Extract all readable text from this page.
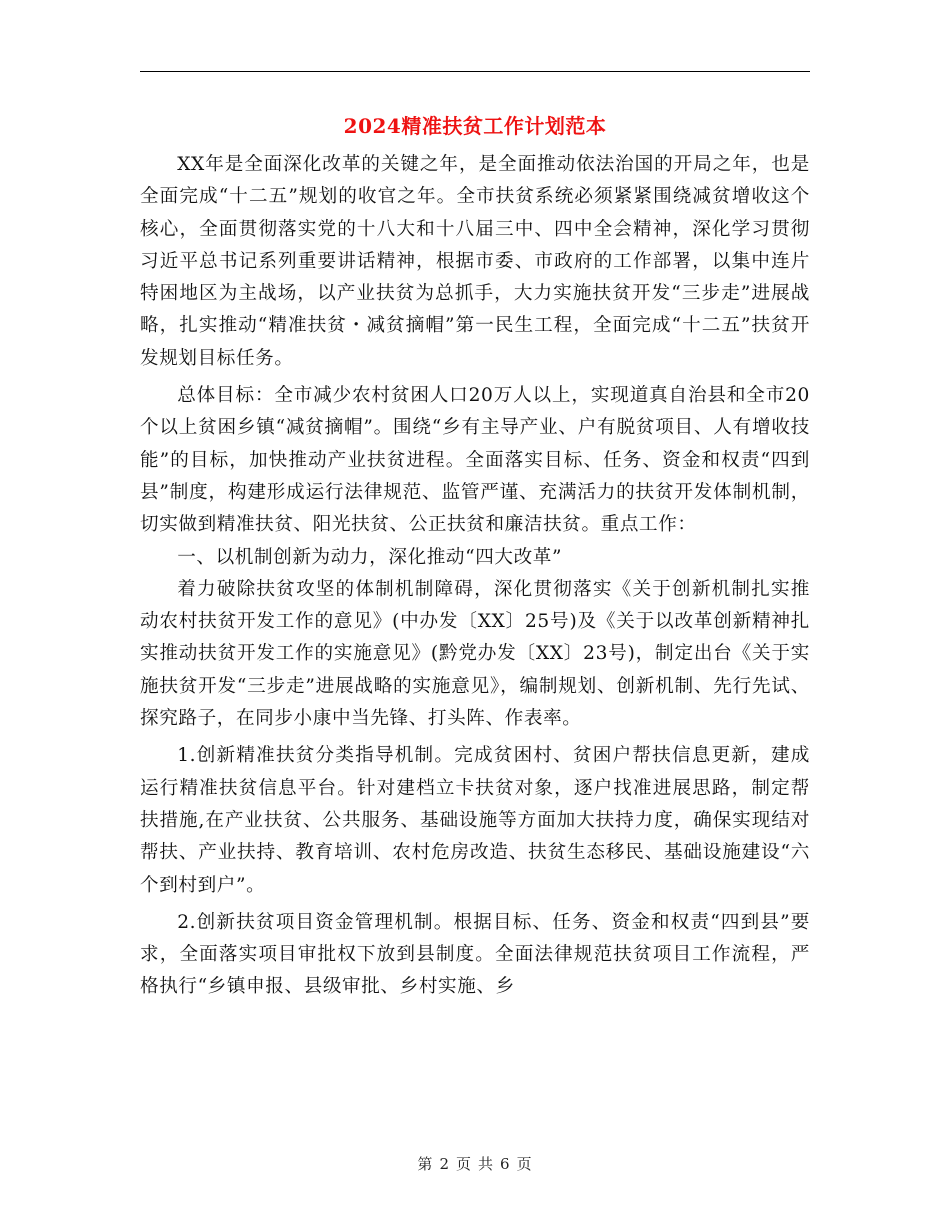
2024精准扶贫工作计划范本

XX年是全面深化改革的关键之年，是全面推动依法治国的开局之年，也是全面完成“十二五”规划的收官之年。全市扶贫系统必须紧紧围绕减贫增收这个核心，全面贯彻落实党的十八大和十八届三中、四中全会精神，深化学习贯彻习近平总书记系列重要讲话精神，根据市委、市政府的工作部署，以集中连片特困地区为主战场，以产业扶贫为总抓手，大力实施扶贫开发“三步走”进展战略，扎实推动“精准扶贫・减贫摘帽”第一民生工程，全面完成“十二五”扶贫开发规划目标任务。

总体目标：全市减少农村贫困人口20万人以上，实现道真自治县和全市20个以上贫困乡镇“减贫摘帽”。围绕“乡有主导产业、户有脱贫项目、人有增收技能”的目标，加快推动产业扶贫进程。全面落实目标、任务、资金和权责“四到县”制度，构建形成运行法律规范、监管严谨、充满活力的扶贫开发体制机制，切实做到精准扶贫、阳光扶贫、公正扶贫和廉洁扶贫。重点工作：

一、以机制创新为动力，深化推动“四大改革”

着力破除扶贫攻坚的体制机制障碍，深化贯彻落实《关于创新机制扎实推动农村扶贫开发工作的意见》(中办发〔XX〕25号)及《关于以改革创新精神扎实推动扶贫开发工作的实施意见》(黔党办发〔XX〕23号)，制定出台《关于实施扶贫开发“三步走”进展战略的实施意见》，编制规划、创新机制、先行先试、探究路子，在同步小康中当先锋、打头阵、作表率。

1.创新精准扶贫分类指导机制。完成贫困村、贫困户帮扶信息更新，建成运行精准扶贫信息平台。针对建档立卡扶贫对象，逐户找准进展思路，制定帮扶措施,在产业扶贫、公共服务、基础设施等方面加大扶持力度，确保实现结对帮扶、产业扶持、教育培训、农村危房改造、扶贫生态移民、基础设施建设“六个到村到户”。

2.创新扶贫项目资金管理机制。根据目标、任务、资金和权责“四到县”要求，全面落实项目审批权下放到县制度。全面法律规范扶贫项目工作流程，严格执行“乡镇申报、县级审批、乡村实施、乡

第 2 页 共 6 页
